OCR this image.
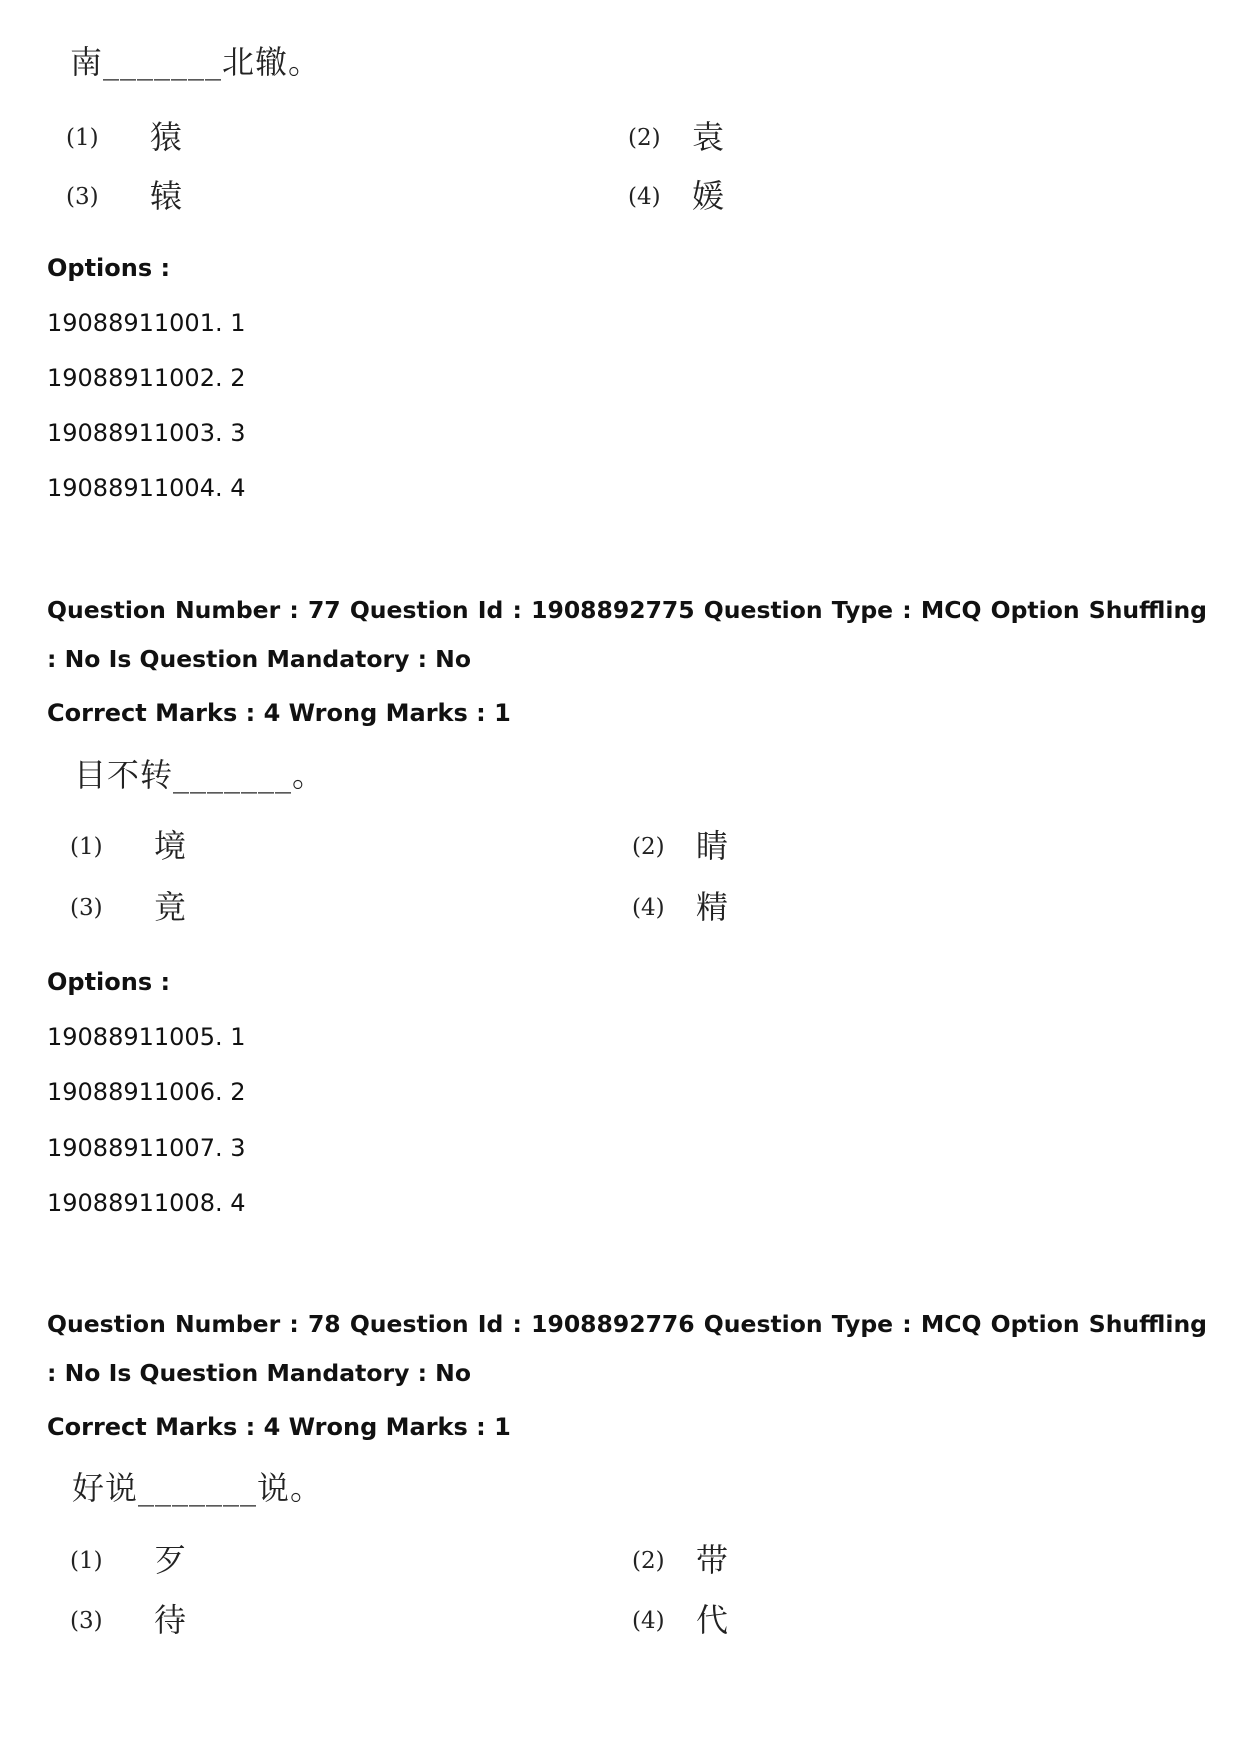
南_______北辙。
(1) 猿	(2) 袁
(3) 辕	(4) 媛
Options :
19088911001. 1
19088911002. 2
19088911003. 3
19088911004. 4
Question Number : 77 Question Id : 1908892775 Question Type : MCQ Option Shuffling : No Is Question Mandatory : No
Correct Marks : 4 Wrong Marks : 1
目不转_______。
(1) 境	(2) 睛
(3) 竟	(4) 精
Options :
19088911005. 1
19088911006. 2
19088911007. 3
19088911008. 4
Question Number : 78 Question Id : 1908892776 Question Type : MCQ Option Shuffling : No Is Question Mandatory : No
Correct Marks : 4 Wrong Marks : 1
好说_______说。
(1) 歹	(2) 带
(3) 待	(4) 代
